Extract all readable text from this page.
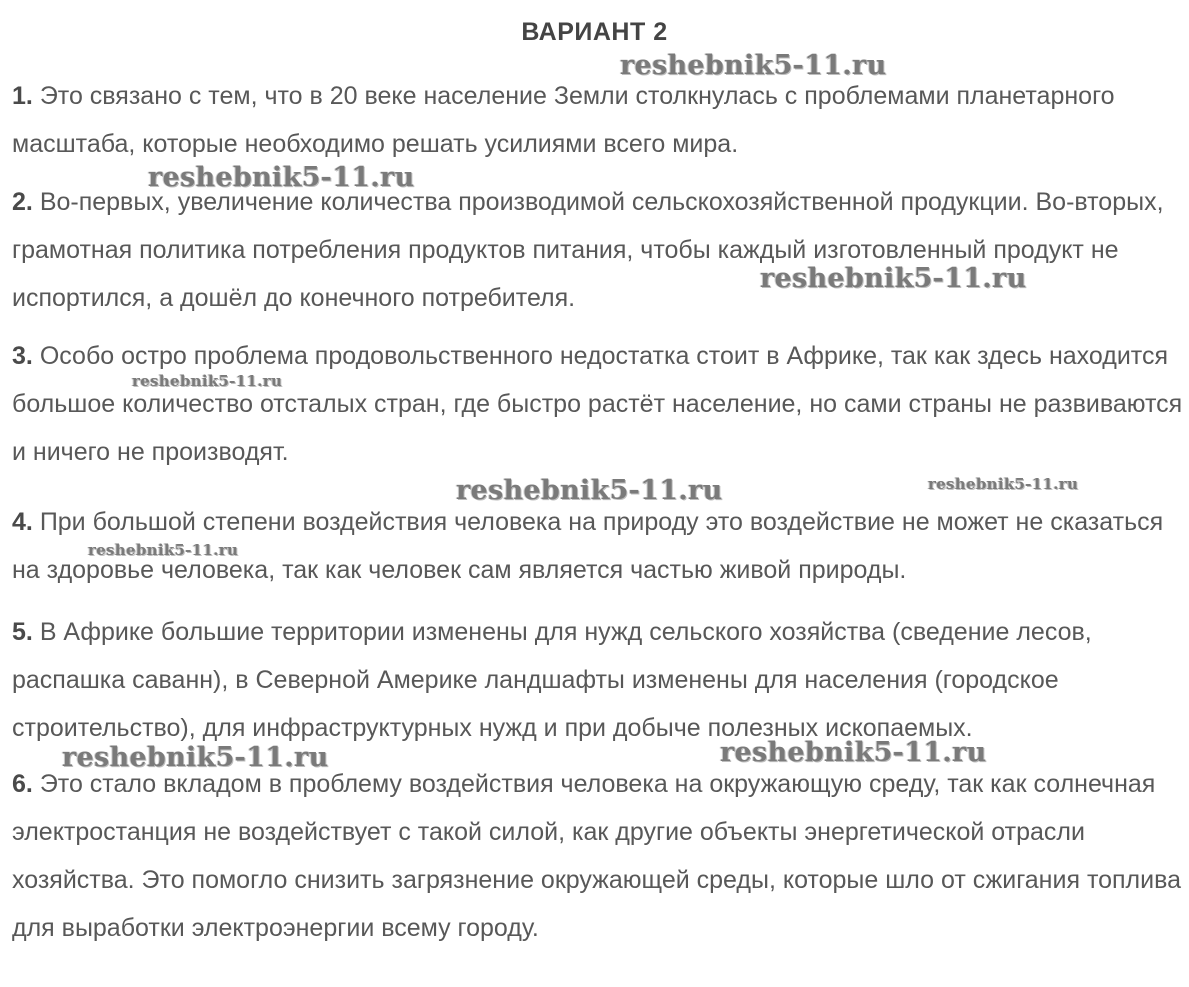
ВАРИАНТ 2
1. Это связано с тем, что в 20 веке население Земли столкнулась с проблемами планетарного масштаба, которые необходимо решать усилиями всего мира.
2. Во-первых, увеличение количества производимой сельскохозяйственной продукции. Во-вторых, грамотная политика потребления продуктов питания, чтобы каждый изготовленный продукт не испортился, а дошёл до конечного потребителя.
3. Особо остро проблема продовольственного недостатка стоит в Африке, так как здесь находится большое количество отсталых стран, где быстро растёт население, но сами страны не развиваются и ничего не производят.
4. При большой степени воздействия человека на природу это воздействие не может не сказаться на здоровье человека, так как человек сам является частью живой природы.
5. В Африке большие территории изменены для нужд сельского хозяйства (сведение лесов, распашка саванн), в Северной Америке ландшафты изменены для населения (городское строительство), для инфраструктурных нужд и при добыче полезных ископаемых.
6. Это стало вкладом в проблему воздействия человека на окружающую среду, так как солнечная электростанция не воздействует с такой силой, как другие объекты энергетической отрасли хозяйства. Это помогло снизить загрязнение окружающей среды, которые шло от сжигания топлива для выработки электроэнергии всему городу.
reshebnik5-11.ru
reshebnik5-11.ru
reshebnik5-11.ru
reshebnik5-11.ru
reshebnik5-11.ru	reshebnik5-11.ru
reshebnik5-11.ru
reshebnik5-11.ru	reshebnik5-11.ru
